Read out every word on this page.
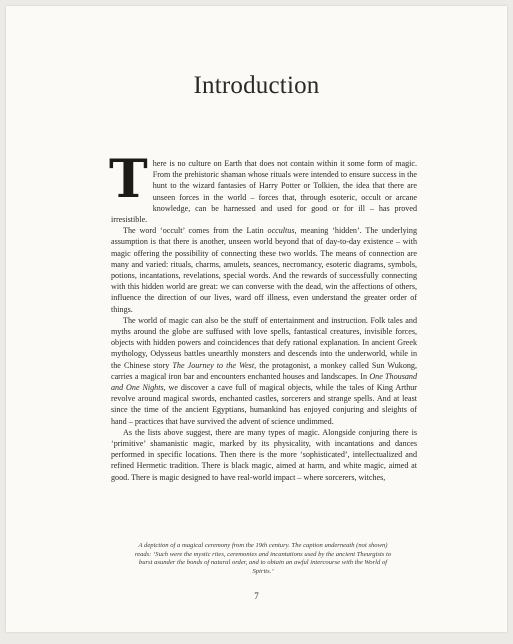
Introduction

There is no culture on Earth that does not contain within it some form of magic. From the prehistoric shaman whose rituals were intended to ensure success in the hunt to the wizard fantasies of Harry Potter or Tolkien, the idea that there are unseen forces in the world – forces that, through esoteric, occult or arcane knowledge, can be harnessed and used for good or for ill – has proved irresistible.

The word ‘occult’ comes from the Latin occultus, meaning ‘hidden’. The underlying assumption is that there is another, unseen world beyond that of day-to-day existence – with magic offering the possibility of connecting these two worlds. The means of connection are many and varied: rituals, charms, amulets, seances, necromancy, esoteric diagrams, symbols, potions, incantations, revelations, special words. And the rewards of successfully connecting with this hidden world are great: we can converse with the dead, win the affections of others, influence the direction of our lives, ward off illness, even understand the greater order of things.

The world of magic can also be the stuff of entertainment and instruction. Folk tales and myths around the globe are suffused with love spells, fantastical creatures, invisible forces, objects with hidden powers and coincidences that defy rational explanation. In ancient Greek mythology, Odysseus battles unearthly monsters and descends into the underworld, while in the Chinese story The Journey to the West, the protagonist, a monkey called Sun Wukong, carries a magical iron bar and encounters enchanted houses and landscapes. In One Thousand and One Nights, we discover a cave full of magical objects, while the tales of King Arthur revolve around magical swords, enchanted castles, sorcerers and strange spells. And at least since the time of the ancient Egyptians, humankind has enjoyed conjuring and sleights of hand – practices that have survived the advent of science undimmed.

As the lists above suggest, there are many types of magic. Alongside conjuring there is ‘primitive’ shamanistic magic, marked by its physicality, with incantations and dances performed in specific locations. Then there is the more ‘sophisticated’, intellectualized and refined Hermetic tradition. There is black magic, aimed at harm, and white magic, aimed at good. There is magic designed to have real-world impact – where sorcerers, witches,

A depiction of a magical ceremony from the 19th century. The caption underneath (not shown) reads: ‘Such were the mystic rites, ceremonies and incantations used by the ancient Theurgists to burst asunder the bonds of natural order, and to obtain an awful intercourse with the World of Spirits.’
7
